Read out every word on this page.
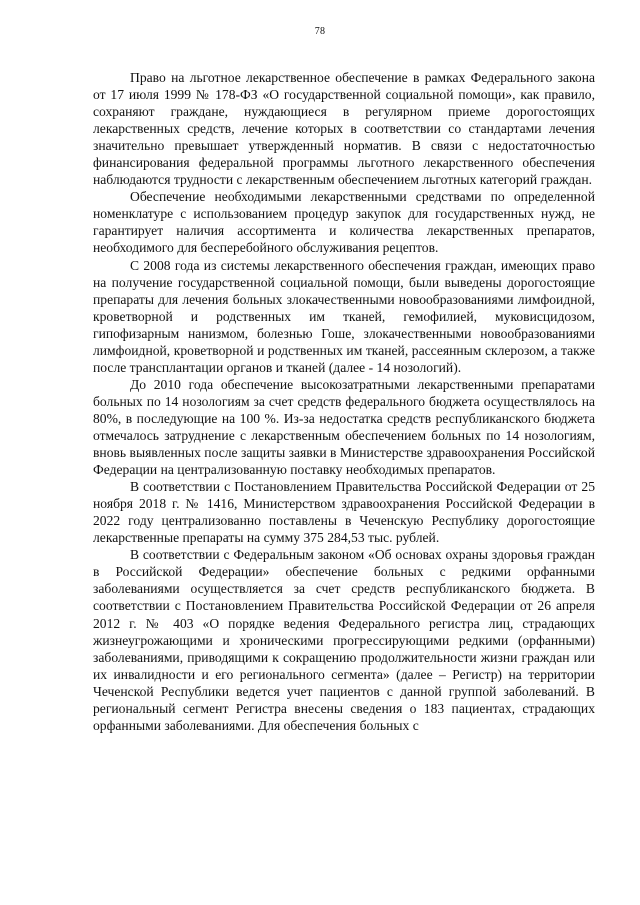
78

Право на льготное лекарственное обеспечение в рамках Федерального закона от 17 июля 1999 № 178-ФЗ «О государственной социальной помощи», как правило, сохраняют граждане, нуждающиеся в регулярном приеме дорогостоящих лекарственных средств, лечение которых в соответствии со стандартами лечения значительно превышает утвержденный норматив. В связи с недостаточностью финансирования федеральной программы льготного лекарственного обеспечения наблюдаются трудности с лекарственным обеспечением льготных категорий граждан.

Обеспечение необходимыми лекарственными средствами по определенной номенклатуре с использованием процедур закупок для государственных нужд, не гарантирует наличия ассортимента и количества лекарственных препаратов, необходимого для бесперебойного обслуживания рецептов.

С 2008 года из системы лекарственного обеспечения граждан, имеющих право на получение государственной социальной помощи, были выведены дорогостоящие препараты для лечения больных злокачественными новообразованиями лимфоидной, кроветворной и родственных им тканей, гемофилией, муковисцидозом, гипофизарным нанизмом, болезнью Гоше, злокачественными новообразованиями лимфоидной, кроветворной и родственных им тканей, рассеянным склерозом, а также после трансплантации органов и тканей (далее - 14 нозологий).

До 2010 года обеспечение высокозатратными лекарственными препаратами больных по 14 нозологиям за счет средств федерального бюджета осуществлялось на 80%, в последующие на 100 %. Из-за недостатка средств республиканского бюджета отмечалось затруднение с лекарственным обеспечением больных по 14 нозологиям, вновь выявленных после защиты заявки в Министерстве здравоохранения Российской Федерации на централизованную поставку необходимых препаратов.

В соответствии с Постановлением Правительства Российской Федерации от 25 ноября 2018 г. № 1416, Министерством здравоохранения Российской Федерации в 2022 году централизованно поставлены в Чеченскую Республику дорогостоящие лекарственные препараты на сумму 375 284,53 тыс. рублей.

В соответствии с Федеральным законом «Об основах охраны здоровья граждан в Российской Федерации» обеспечение больных с редкими орфанными заболеваниями осуществляется за счет средств республиканского бюджета. В соответствии с Постановлением Правительства Российской Федерации от 26 апреля 2012 г. № 403 «О порядке ведения Федерального регистра лиц, страдающих жизнеугрожающими и хроническими прогрессирующими редкими (орфанными) заболеваниями, приводящими к сокращению продолжительности жизни граждан или их инвалидности и его регионального сегмента» (далее – Регистр) на территории Чеченской Республики ведется учет пациентов с данной группой заболеваний. В региональный сегмент Регистра внесены сведения о 183 пациентах, страдающих орфанными заболеваниями. Для обеспечения больных с
